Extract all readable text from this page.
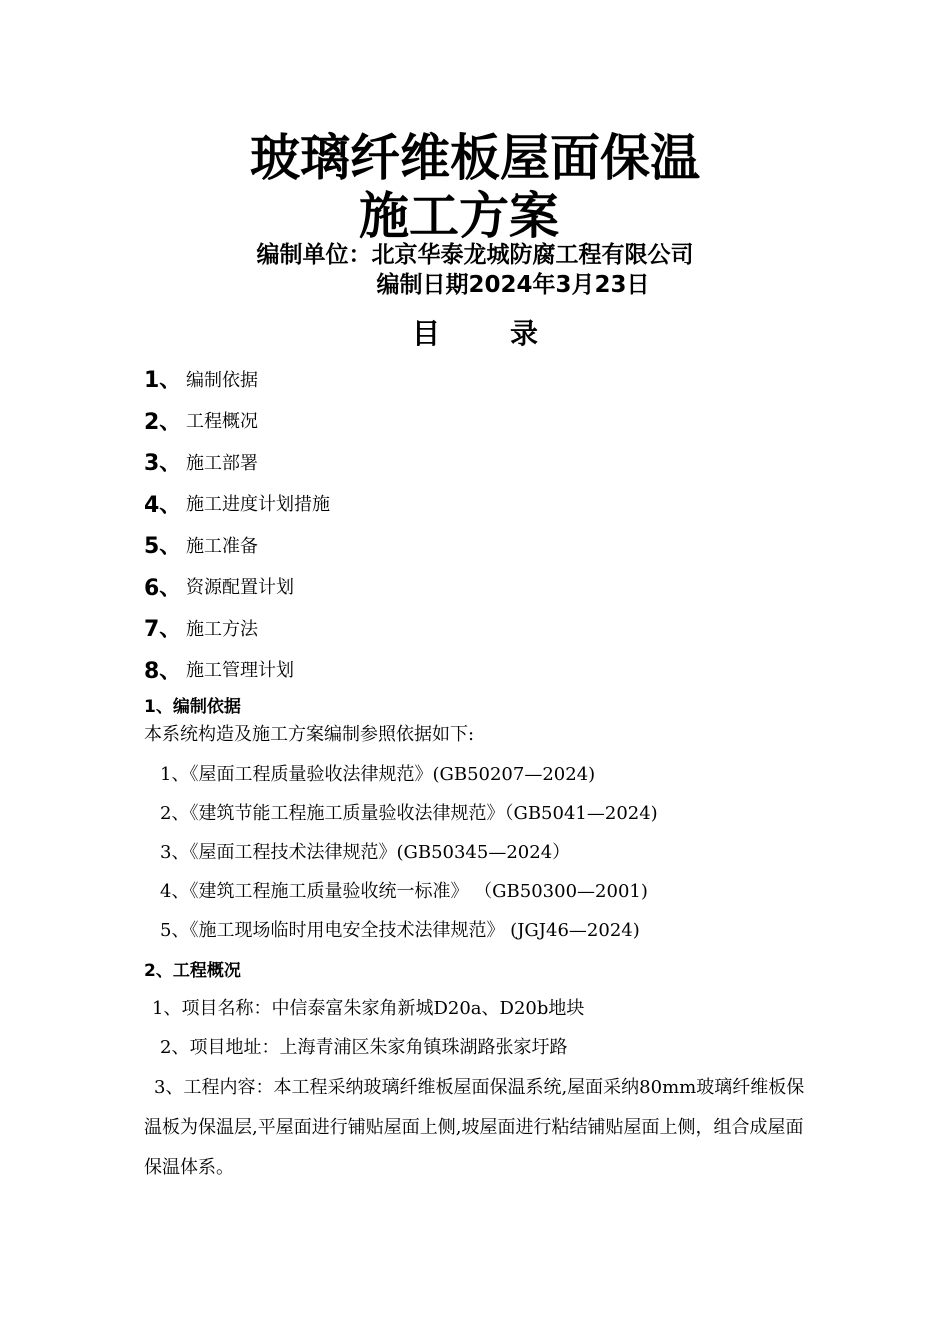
玻璃纤维板屋面保温
施工方案
编制单位：北京华泰龙城防腐工程有限公司
编制日期2024年3月23日
目	录
1、 编制依据
2、 工程概况
3、 施工部署
4、 施工进度计划措施
5、 施工准备
6、 资源配置计划
7、 施工方法
8、 施工管理计划
1、编制依据
本系统构造及施工方案编制参照依据如下:
1、《屋面工程质量验收法律规范》(GB50207—2024)
2、《建筑节能工程施工质量验收法律规范》（GB5041—2024)
3、《屋面工程技术法律规范》(GB50345—2024）
4、《建筑工程施工质量验收统一标准》 （GB50300—2001)
5、《施工现场临时用电安全技术法律规范》 (JGJ46—2024)
2、工程概况
1、项目名称：中信泰富朱家角新城D20a、D20b地块
2、项目地址：上海青浦区朱家角镇珠湖路张家圩路
3、工程内容：本工程采纳玻璃纤维板屋面保温系统,屋面采纳80mm玻璃纤维板保温板为保温层,平屋面进行铺贴屋面上侧,坡屋面进行粘结铺贴屋面上侧，组合成屋面保温体系。
